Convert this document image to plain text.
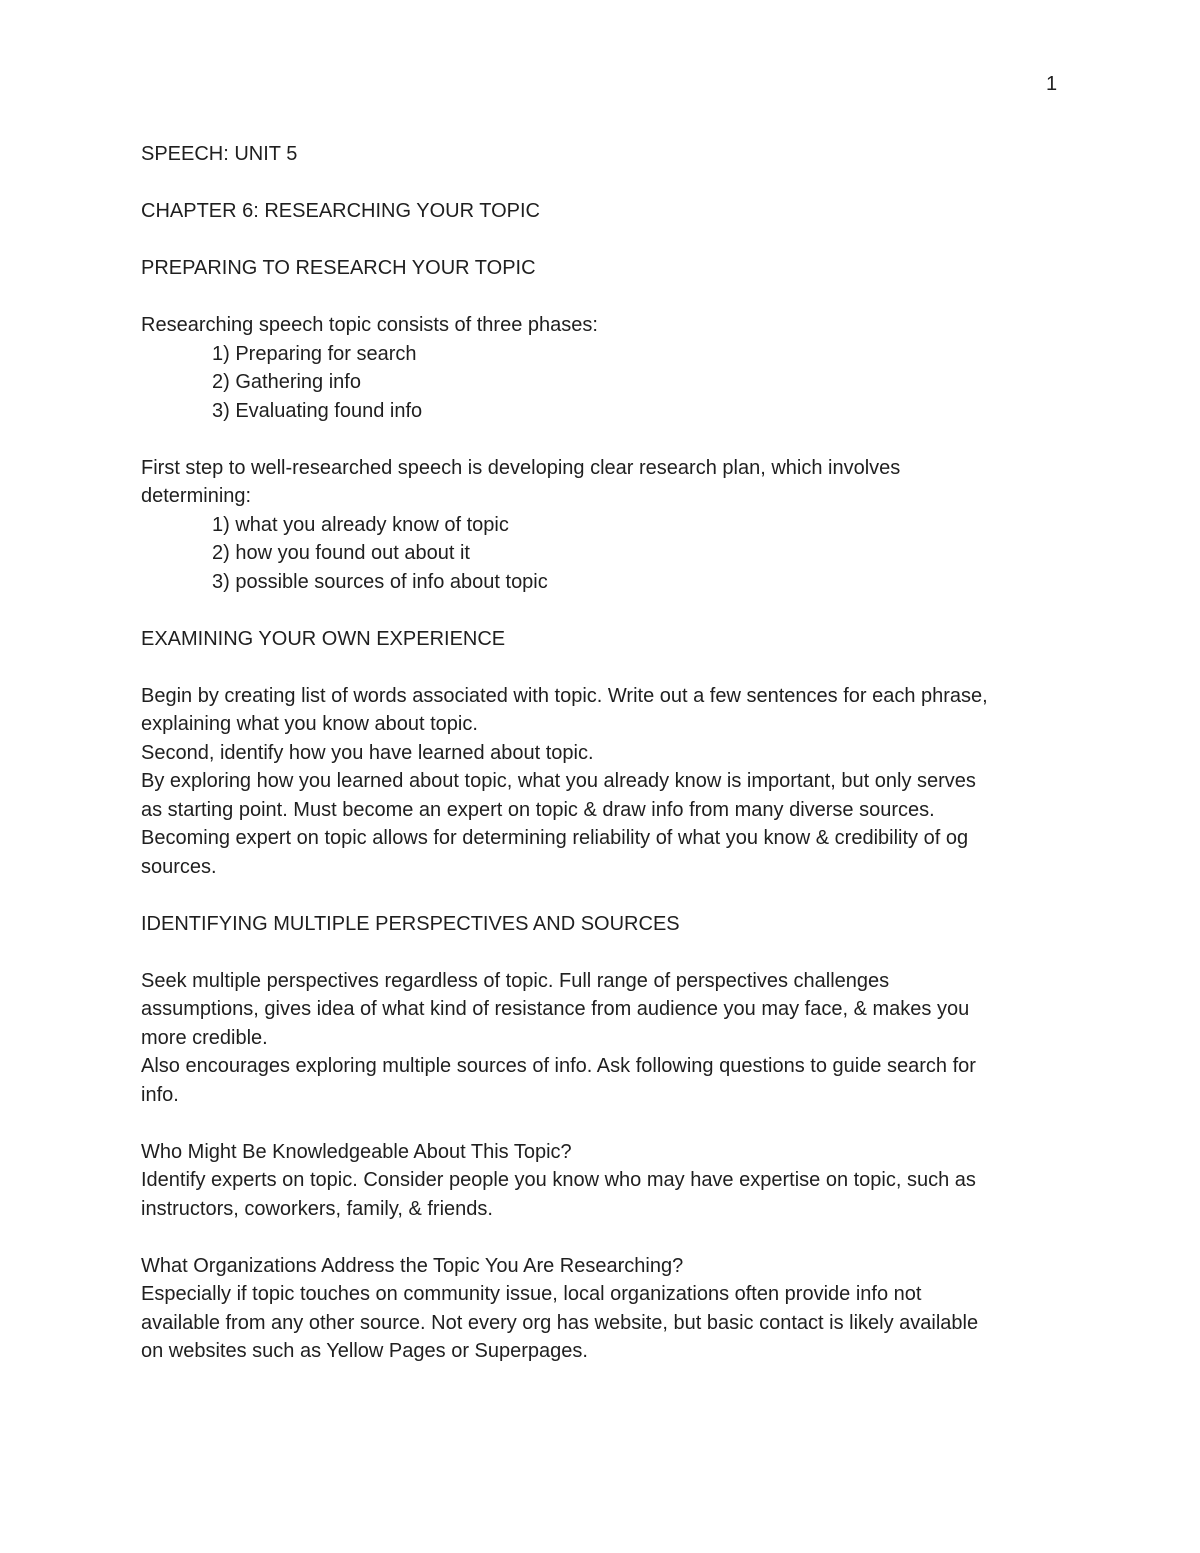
1
SPEECH: UNIT 5
CHAPTER 6: RESEARCHING YOUR TOPIC
PREPARING TO RESEARCH YOUR TOPIC
Researching speech topic consists of three phases:
1) Preparing for search
2) Gathering info
3) Evaluating found info
First step to well-researched speech is developing clear research plan, which involves
determining:
1) what you already know of topic
2) how you found out about it
3) possible sources of info about topic
EXAMINING YOUR OWN EXPERIENCE
Begin by creating list of words associated with topic. Write out a few sentences for each phrase,
explaining what you know about topic.
Second, identify how you have learned about topic.
By exploring how you learned about topic, what you already know is important, but only serves
as starting point. Must become an expert on topic & draw info from many diverse sources.
Becoming expert on topic allows for determining reliability of what you know & credibility of og
sources.
IDENTIFYING MULTIPLE PERSPECTIVES AND SOURCES
Seek multiple perspectives regardless of topic. Full range of perspectives challenges
assumptions, gives idea of what kind of resistance from audience you may face, & makes you
more credible.
Also encourages exploring multiple sources of info. Ask following questions to guide search for
info.
Who Might Be Knowledgeable About This Topic?
Identify experts on topic. Consider people you know who may have expertise on topic, such as
instructors, coworkers, family, & friends.
What Organizations Address the Topic You Are Researching?
Especially if topic touches on community issue, local organizations often provide info not
available from any other source. Not every org has website, but basic contact is likely available
on websites such as Yellow Pages or Superpages.
